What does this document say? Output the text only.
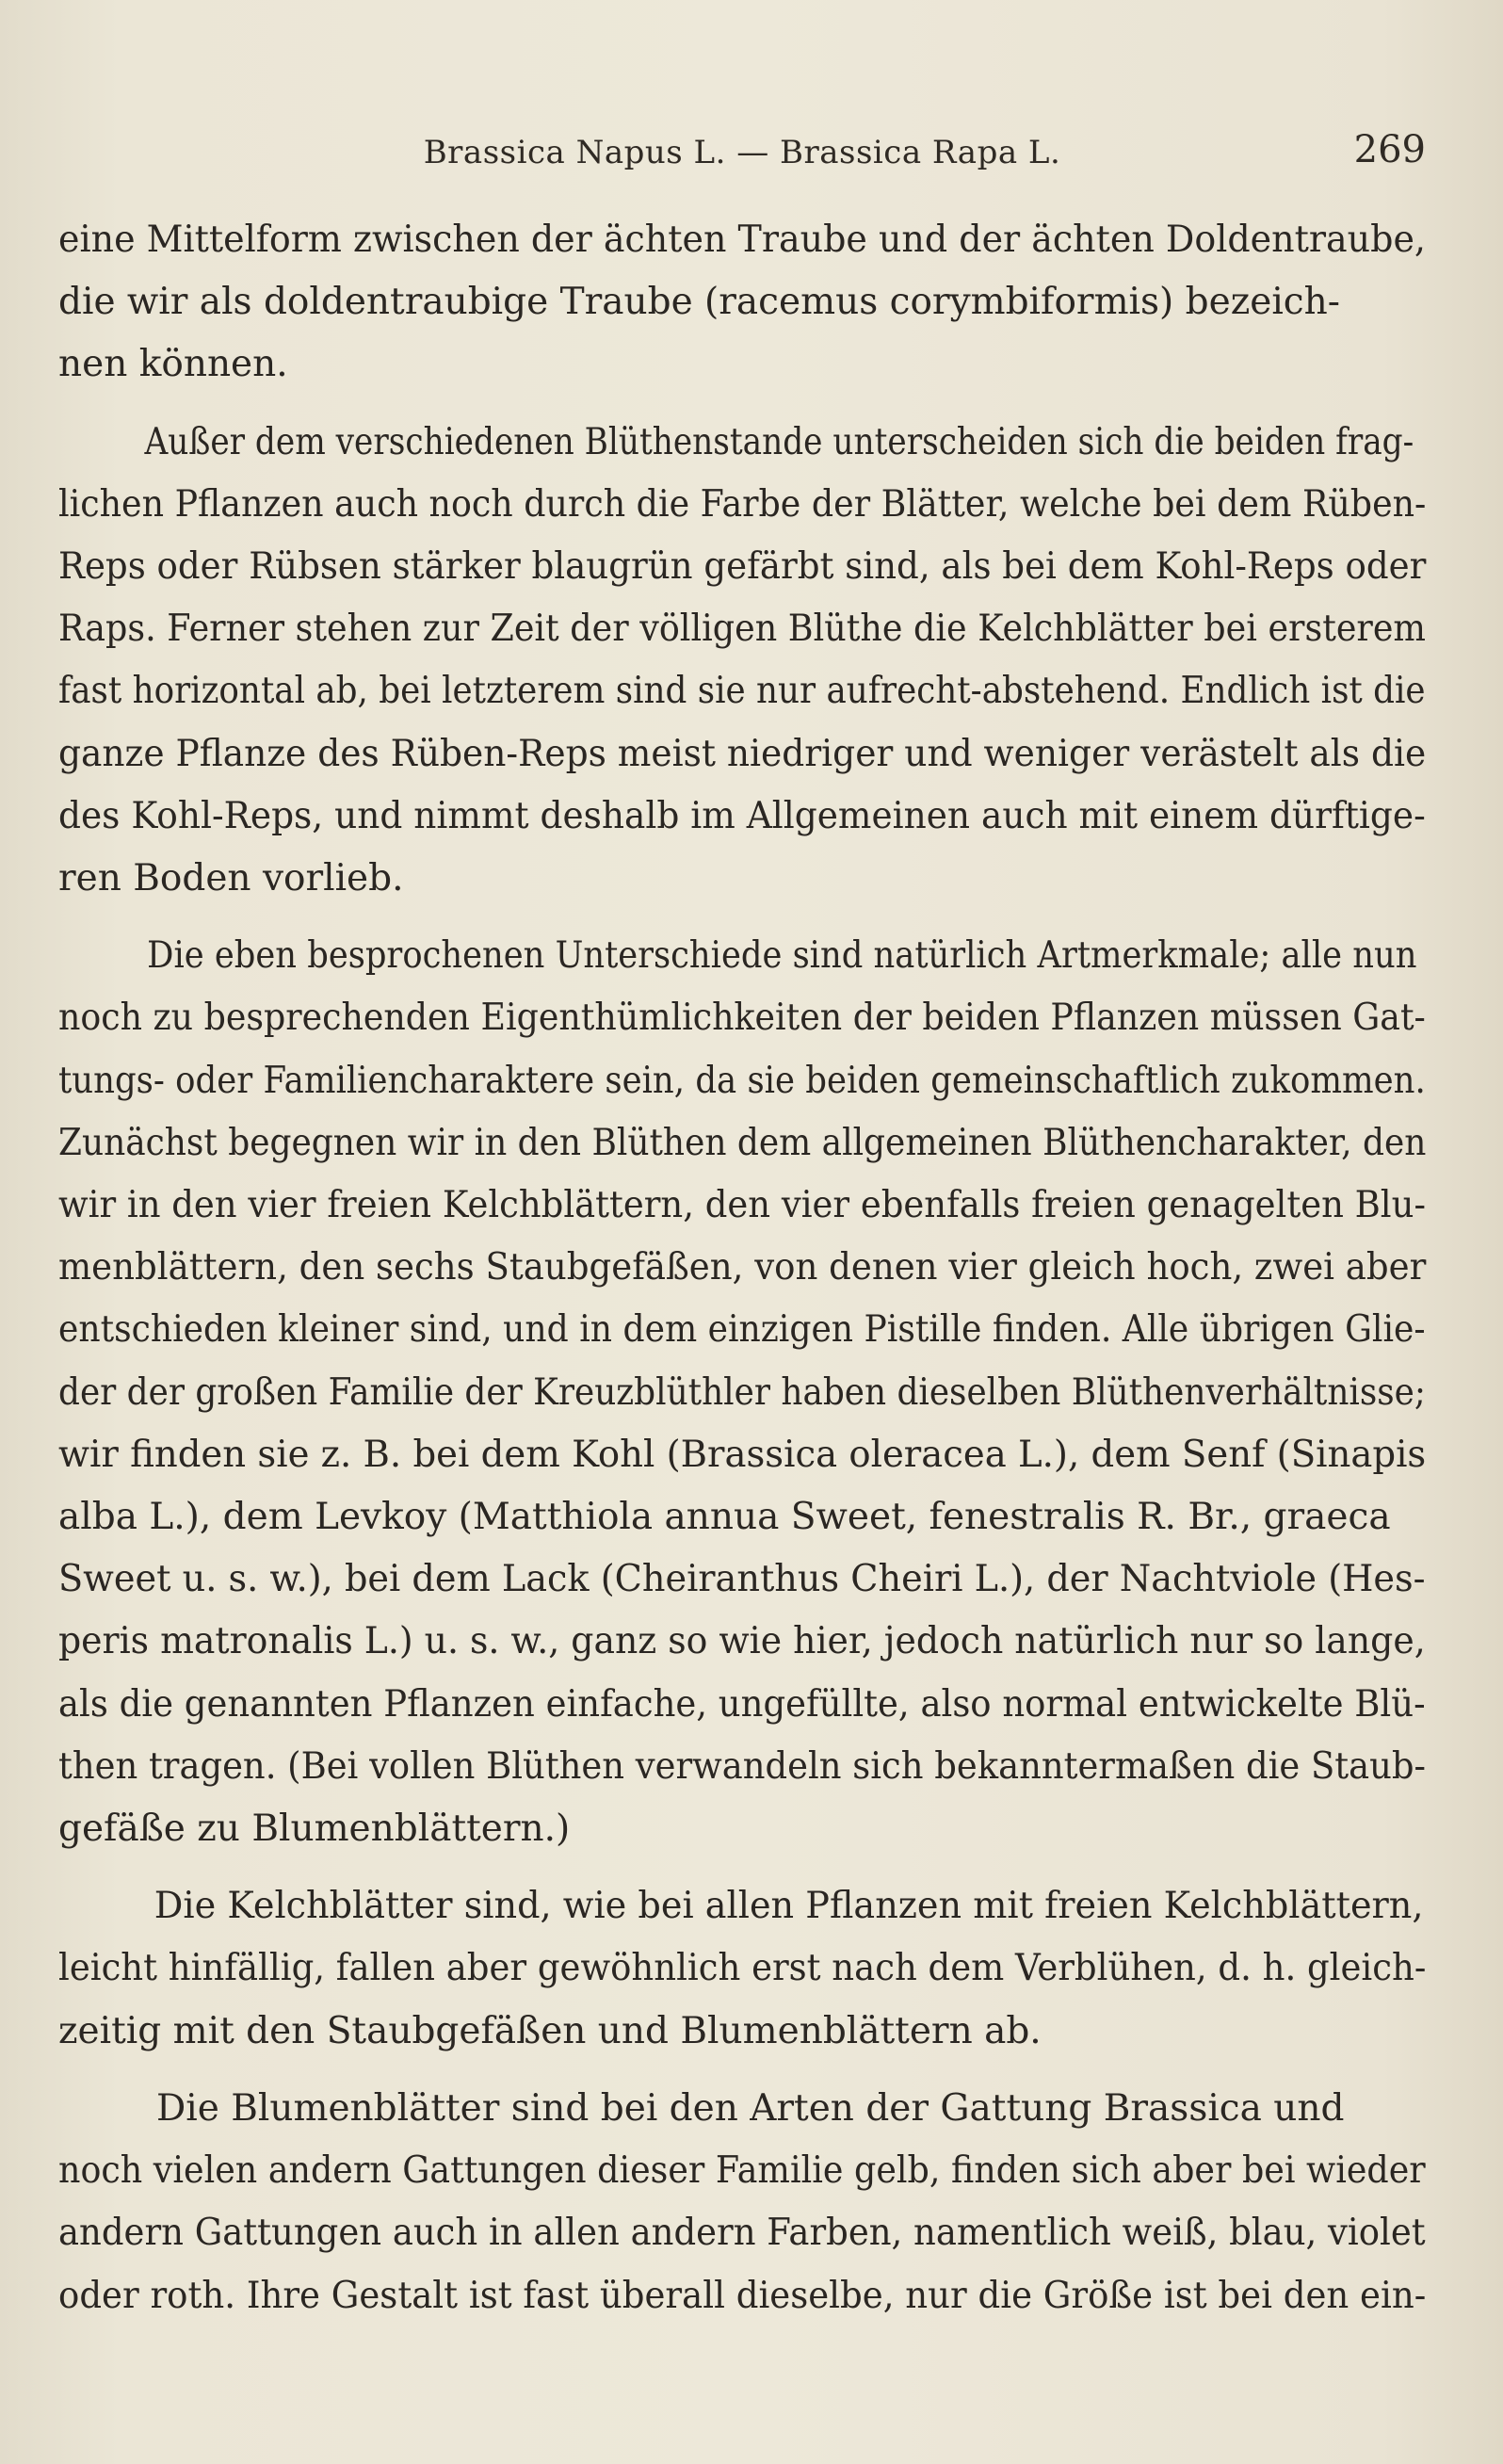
Brassica Napus L. — Brassica Rapa L.	269
eine Mittelform zwischen der ächten Traube und der ächten Doldentraube,
die wir als doldentraubige Traube (racemus corymbiformis) bezeich-
nen können.
Außer dem verschiedenen Blüthenstande unterscheiden sich die beiden frag-
lichen Pflanzen auch noch durch die Farbe der Blätter, welche bei dem Rüben-
Reps oder Rübsen stärker blaugrün gefärbt sind, als bei dem Kohl-Reps oder
Raps. Ferner stehen zur Zeit der völligen Blüthe die Kelchblätter bei ersterem
fast horizontal ab, bei letzterem sind sie nur aufrecht-abstehend. Endlich ist die
ganze Pflanze des Rüben-Reps meist niedriger und weniger verästelt als die
des Kohl-Reps, und nimmt deshalb im Allgemeinen auch mit einem dürftige-
ren Boden vorlieb.
Die eben besprochenen Unterschiede sind natürlich Artmerkmale; alle nun
noch zu besprechenden Eigenthümlichkeiten der beiden Pflanzen müssen Gat-
tungs- oder Familiencharaktere sein, da sie beiden gemeinschaftlich zukommen.
Zunächst begegnen wir in den Blüthen dem allgemeinen Blüthencharakter, den
wir in den vier freien Kelchblättern, den vier ebenfalls freien genagelten Blu-
menblättern, den sechs Staubgefäßen, von denen vier gleich hoch, zwei aber
entschieden kleiner sind, und in dem einzigen Pistille finden. Alle übrigen Glie-
der der großen Familie der Kreuzblüthler haben dieselben Blüthenverhältnisse;
wir finden sie z. B. bei dem Kohl (Brassica oleracea L.), dem Senf (Sinapis
alba L.), dem Levkoy (Matthiola annua Sweet, fenestralis R. Br., graeca
Sweet u. s. w.), bei dem Lack (Cheiranthus Cheiri L.), der Nachtviole (Hes-
peris matronalis L.) u. s. w., ganz so wie hier, jedoch natürlich nur so lange,
als die genannten Pflanzen einfache, ungefüllte, also normal entwickelte Blü-
then tragen. (Bei vollen Blüthen verwandeln sich bekanntermaßen die Staub-
gefäße zu Blumenblättern.)
Die Kelchblätter sind, wie bei allen Pflanzen mit freien Kelchblättern,
leicht hinfällig, fallen aber gewöhnlich erst nach dem Verblühen, d. h. gleich-
zeitig mit den Staubgefäßen und Blumenblättern ab.
Die Blumenblätter sind bei den Arten der Gattung Brassica und
noch vielen andern Gattungen dieser Familie gelb, finden sich aber bei wieder
andern Gattungen auch in allen andern Farben, namentlich weiß, blau, violet
oder roth. Ihre Gestalt ist fast überall dieselbe, nur die Größe ist bei den ein-
